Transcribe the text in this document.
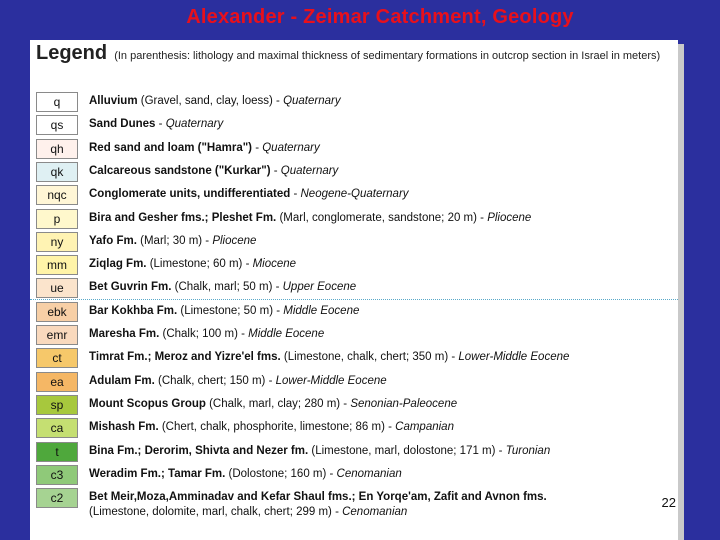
Alexander - Zeimar Catchment, Geology
Legend (In parenthesis: lithology and maximal thickness of sedimentary formations in outcrop section in Israel in meters)
q	Alluvium (Gravel, sand, clay, loess) - Quaternary
qs	Sand Dunes - Quaternary
qh	Red sand and loam ("Hamra") - Quaternary
qk	Calcareous sandstone ("Kurkar") - Quaternary
nqc	Conglomerate units, undifferentiated - Neogene-Quaternary
p	Bira and Gesher fms.; Pleshet Fm. (Marl, conglomerate, sandstone; 20 m) - Pliocene
ny	Yafo Fm. (Marl; 30 m) - Pliocene
mm	Ziqlag Fm. (Limestone; 60 m) - Miocene
ue	Bet Guvrin Fm. (Chalk, marl; 50 m) - Upper Eocene
ebk	Bar Kokhba Fm. (Limestone; 50 m) - Middle Eocene
emr	Maresha Fm. (Chalk; 100 m) - Middle Eocene
ct	Timrat Fm.; Meroz and Yizre'el fms. (Limestone, chalk, chert; 350 m) - Lower-Middle Eocene
ea	Adulam Fm. (Chalk, chert; 150 m) - Lower-Middle Eocene
sp	Mount Scopus Group (Chalk, marl, clay; 280 m) - Senonian-Paleocene
ca	Mishash Fm. (Chert, chalk, phosphorite, limestone; 86 m) - Campanian
t	Bina Fm.; Derorim, Shivta and Nezer fm. (Limestone, marl, dolostone; 171 m) - Turonian
c3	Weradim Fm.; Tamar Fm. (Dolostone; 160 m) - Cenomanian
c2	Bet Meir,Moza,Amminadav and Kefar Shaul fms.; En Yorqe'am, Zafit and Avnon fms.
(Limestone, dolomite, marl, chalk, chert; 299 m) - Cenomanian
22
